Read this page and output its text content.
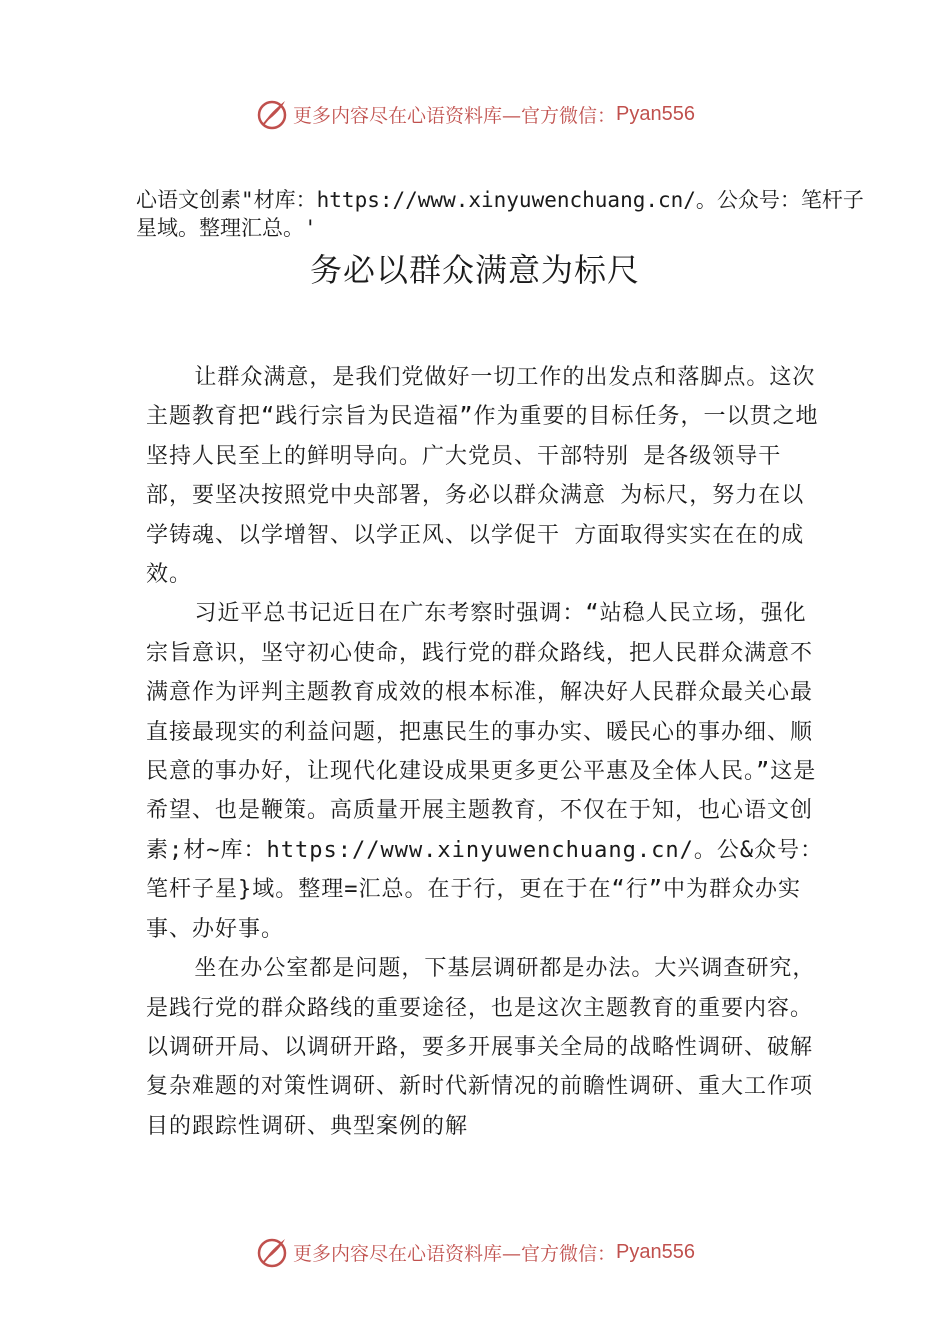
更多内容尽在心语资料库—官方微信： Pyan556
心语文创素"材库：https://www.xinyuwenchuang.cn/。公众号：笔杆子星域。整理汇总。'
务必以群众满意为标尺

让群众满意，是我们党做好一切工作的出发点和落脚点。这次主题教育把“践行宗旨为民造福”作为重要的目标任务，一以贯之地坚持人民至上的鲜明导向。广大党员、干部特别 是各级领导干部，要坚决按照党中央部署，务必以群众满意 为标尺，努力在以学铸魂、以学增智、以学正风、以学促干 方面取得实实在在的成效。

习近平总书记近日在广东考察时强调：“站稳人民立场，强化宗旨意识，坚守初心使命，践行党的群众路线，把人民群众满意不满意作为评判主题教育成效的根本标准，解决好人民群众最关心最直接最现实的利益问题，把惠民生的事办实、暖民心的事办细、顺民意的事办好，让现代化建设成果更多更公平惠及全体人民。”这是希望、也是鞭策。高质量开展主题教育，不仅在于知，也心语文创素;材~库：https://www.xinyuwenchuang.cn/。公&众号：笔杆子星}域。整理=汇总。在于行，更在于在“行”中为群众办实事、办好事。

坐在办公室都是问题，下基层调研都是办法。大兴调查研究，是践行党的群众路线的重要途径，也是这次主题教育的重要内容。以调研开局、以调研开路，要多开展事关全局的战略性调研、破解复杂难题的对策性调研、新时代新情况的前瞻性调研、重大工作项目的跟踪性调研、典型案例的解

更多内容尽在心语资料库—官方微信： Pyan556
